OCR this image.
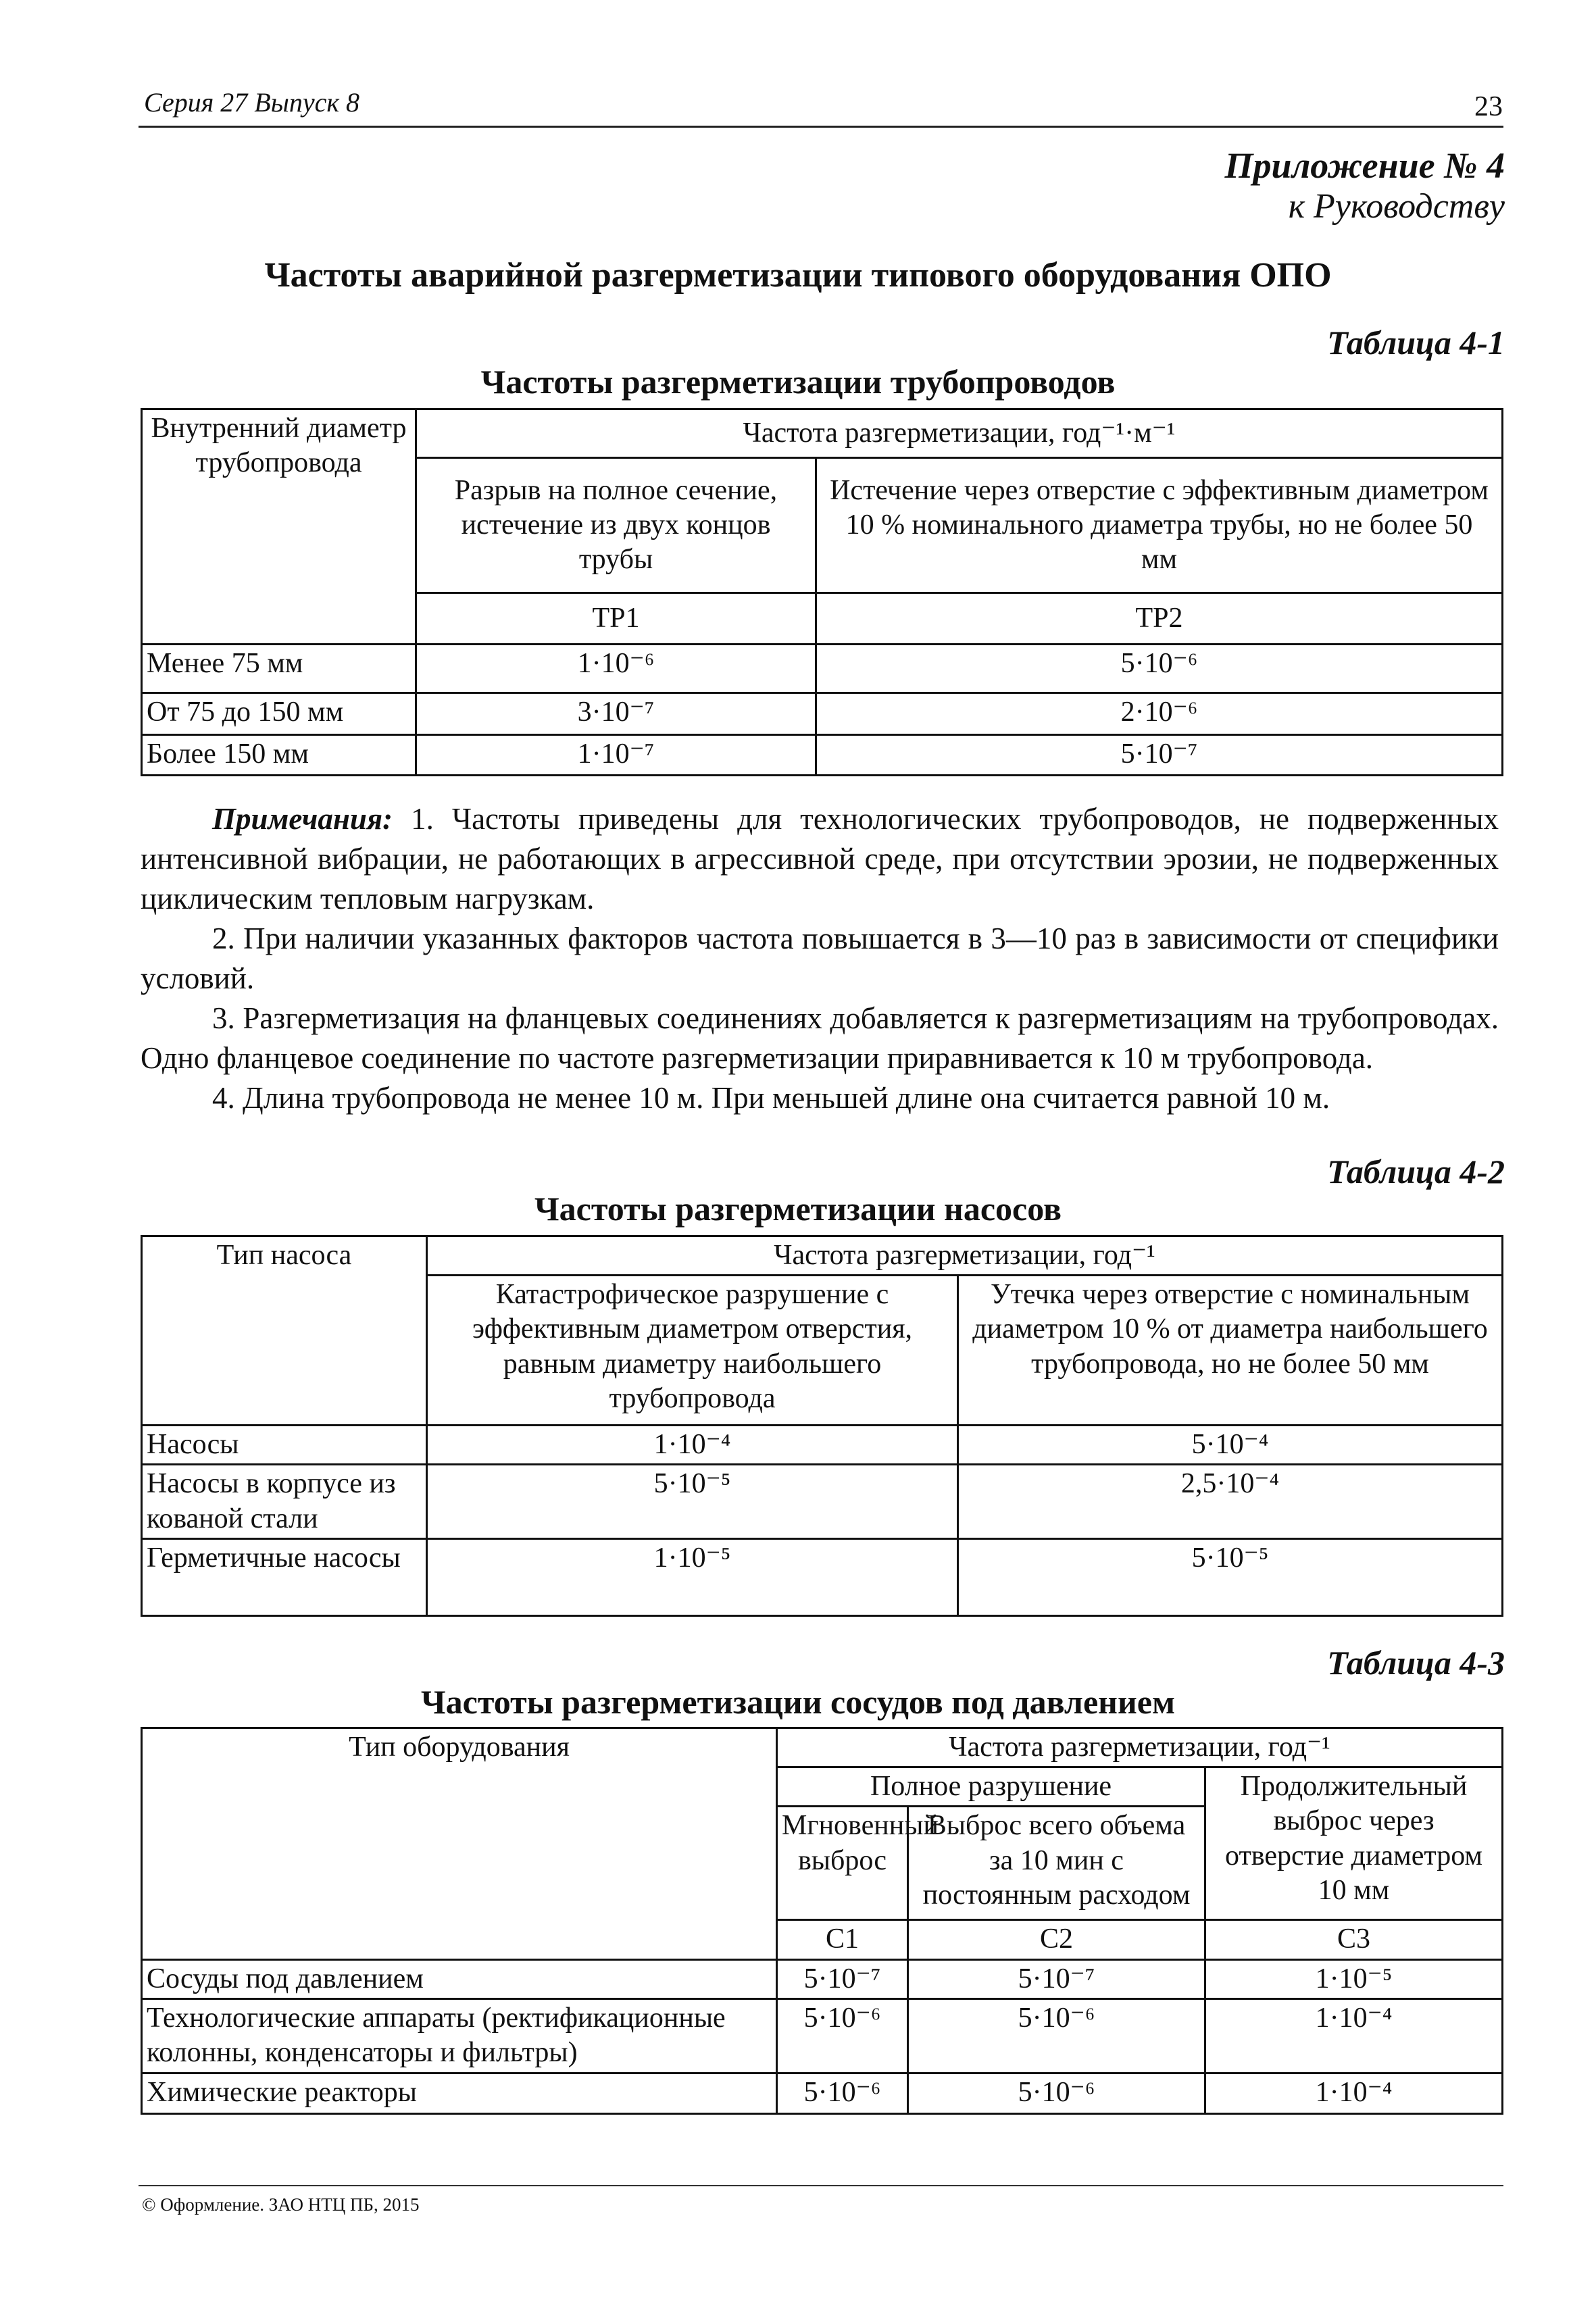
Серия 27 Выпуск 8	23
Приложение № 4
к Руководству
Частоты аварийной разгерметизации типового оборудования ОПО
Таблица 4-1
Частоты разгерметизации трубопроводов
Внутренний диаметр трубопровода	Частота разгерметизации, год⁻¹·м⁻¹	
	Разрыв на полное сечение, истечение из двух концов трубы	Истечение через отверстие с эффективным диаметром 10 % номинального диаметра трубы, но не более 50 мм
	ТР1	ТР2
Менее 75 мм	1·10⁻⁶	5·10⁻⁶
От 75 до 150 мм	3·10⁻⁷	2·10⁻⁶
Более 150 мм	1·10⁻⁷	5·10⁻⁷

Примечания: 1. Частоты приведены для технологических трубопроводов, не подверженных интенсивной вибрации, не работающих в агрессивной среде, при отсутствии эрозии, не подверженных циклическим тепловым нагрузкам.

2. При наличии указанных факторов частота повышается в 3—10 раз в зависимости от специфики условий.

3. Разгерметизация на фланцевых соединениях добавляется к разгерметизациям на трубопроводах. Одно фланцевое соединение по частоте разгерметизации приравнивается к 10 м трубопровода.

4. Длина трубопровода не менее 10 м. При меньшей длине она считается равной 10 м.

Таблица 4-2
Частоты разгерметизации насосов
Тип насоса	Частота разгерметизации, год⁻¹	
	Катастрофическое разрушение с эффективным диаметром отверстия, равным диаметру наибольшего трубопровода	Утечка через отверстие с номинальным диаметром 10 % от диаметра наибольшего трубопровода, но не более 50 мм
Насосы	1·10⁻⁴	5·10⁻⁴
Насосы в корпусе из кованой стали	5·10⁻⁵	2,5·10⁻⁴
Герметичные насосы	1·10⁻⁵	5·10⁻⁵
Таблица 4-3
Частоты разгерметизации сосудов под давлением
Тип оборудования	Частота разгерметизации, год⁻¹		
	Полное разрушение		Продолжительный выброс через отверстие диаметром 10 мм
	Мгновенный выброс	Выброс всего объема за 10 мин с постоянным расходом	
	С1	С2	С3
Сосуды под давлением	5·10⁻⁷	5·10⁻⁷	1·10⁻⁵
Технологические аппараты (ректификационные колонны, конденсаторы и фильтры)	5·10⁻⁶	5·10⁻⁶	1·10⁻⁴
Химические реакторы	5·10⁻⁶	5·10⁻⁶	1·10⁻⁴
© Оформление. ЗАО НТЦ ПБ, 2015
